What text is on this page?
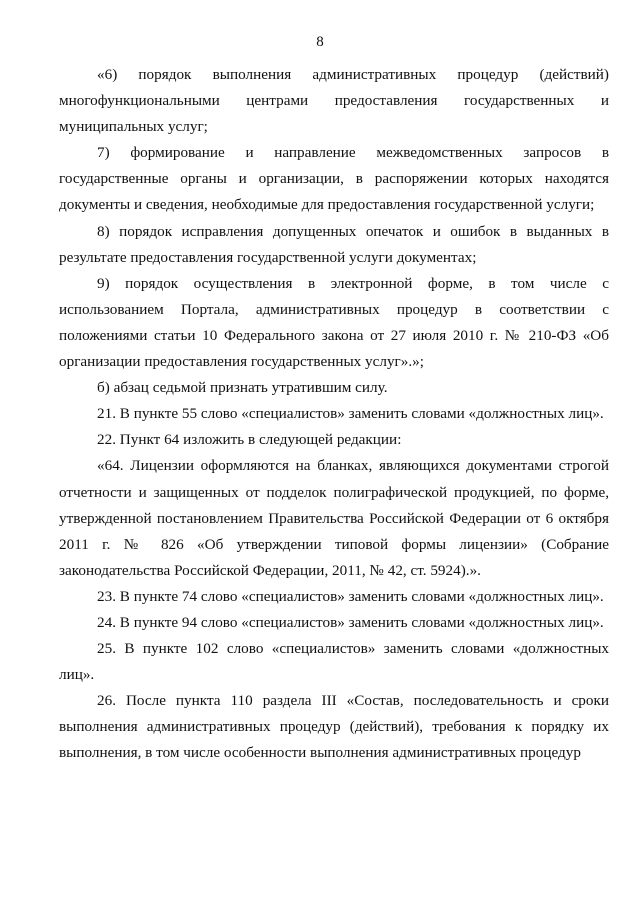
8

«6) порядок выполнения административных процедур (действий) многофункциональными центрами предоставления государственных и муниципальных услуг;

7) формирование и направление межведомственных запросов в государственные органы и организации, в распоряжении которых находятся документы и сведения, необходимые для предоставления государственной услуги;

8) порядок исправления допущенных опечаток и ошибок в выданных в результате предоставления государственной услуги документах;

9) порядок осуществления в электронной форме, в том числе с использованием Портала, административных процедур в соответствии с положениями статьи 10 Федерального закона от 27 июля 2010 г. № 210-ФЗ «Об организации предоставления государственных услуг».»;

б) абзац седьмой признать утратившим силу.

21. В пункте 55 слово «специалистов» заменить словами «должностных лиц».

22. Пункт 64 изложить в следующей редакции:

«64. Лицензии оформляются на бланках, являющихся документами строгой отчетности и защищенных от подделок полиграфической продукцией, по форме, утвержденной постановлением Правительства Российской Федерации от 6 октября 2011 г. № 826 «Об утверждении типовой формы лицензии» (Собрание законодательства Российской Федерации, 2011, № 42, ст. 5924).».

23. В пункте 74 слово «специалистов» заменить словами «должностных лиц».

24. В пункте 94 слово «специалистов» заменить словами «должностных лиц».

25. В пункте 102 слово «специалистов» заменить словами «должностных лиц».

26. После пункта 110 раздела III «Состав, последовательность и сроки выполнения административных процедур (действий), требования к порядку их выполнения, в том числе особенности выполнения административных процедур
